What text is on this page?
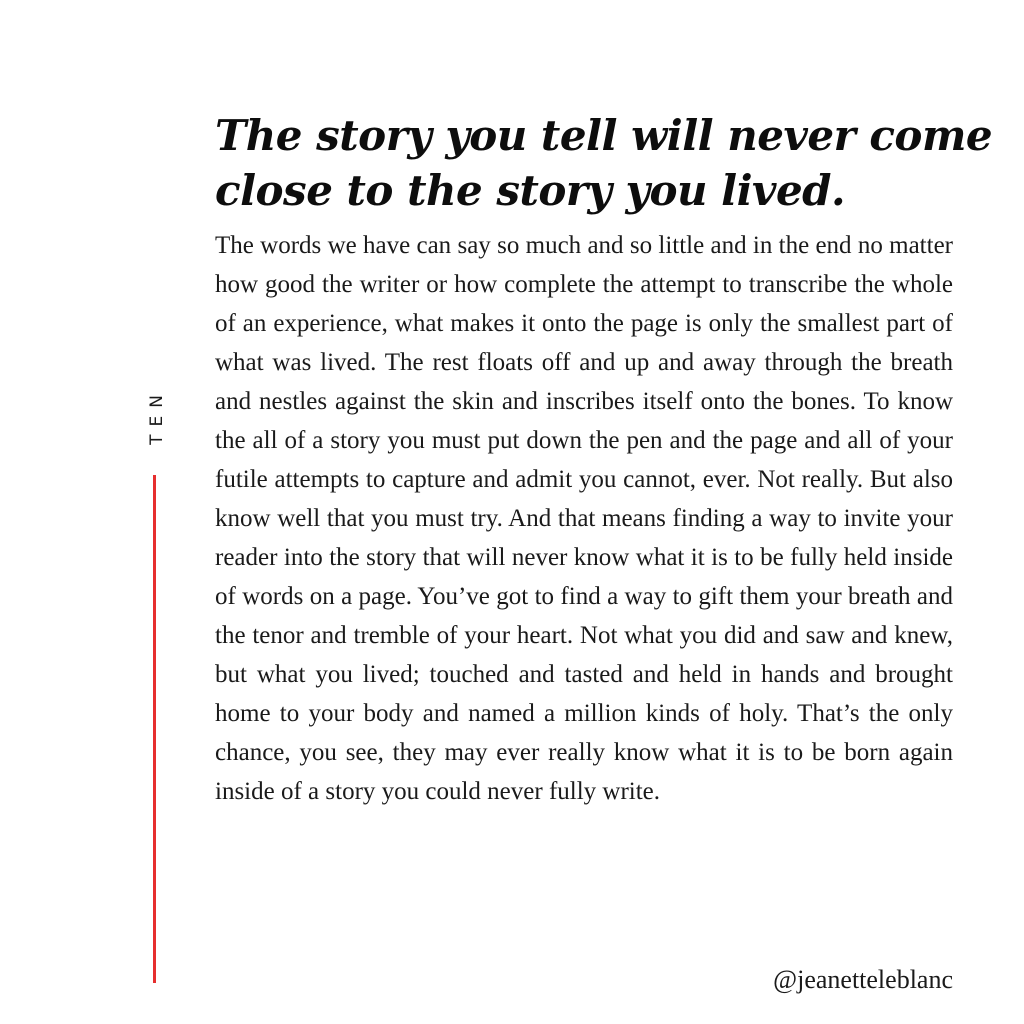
TEN
The story you tell will never come close to the story you lived.

The words we have can say so much and so little and in the end no matter how good the writer or how complete the attempt to transcribe the whole of an experience, what makes it onto the page is only the smallest part of what was lived. The rest floats off and up and away through the breath and nestles against the skin and inscribes itself onto the bones. To know the all of a story you must put down the pen and the page and all of your futile attempts to capture and admit you cannot, ever. Not really. But also know well that you must try. And that means finding a way to invite your reader into the story that will never know what it is to be fully held inside of words on a page. You’ve got to find a way to gift them your breath and the tenor and tremble of your heart. Not what you did and saw and knew, but what you lived; touched and tasted and held in hands and brought home to your body and named a million kinds of holy. That’s the only chance, you see, they may ever really know what it is to be born again inside of a story you could never fully write.

@jeanetteleblanc
